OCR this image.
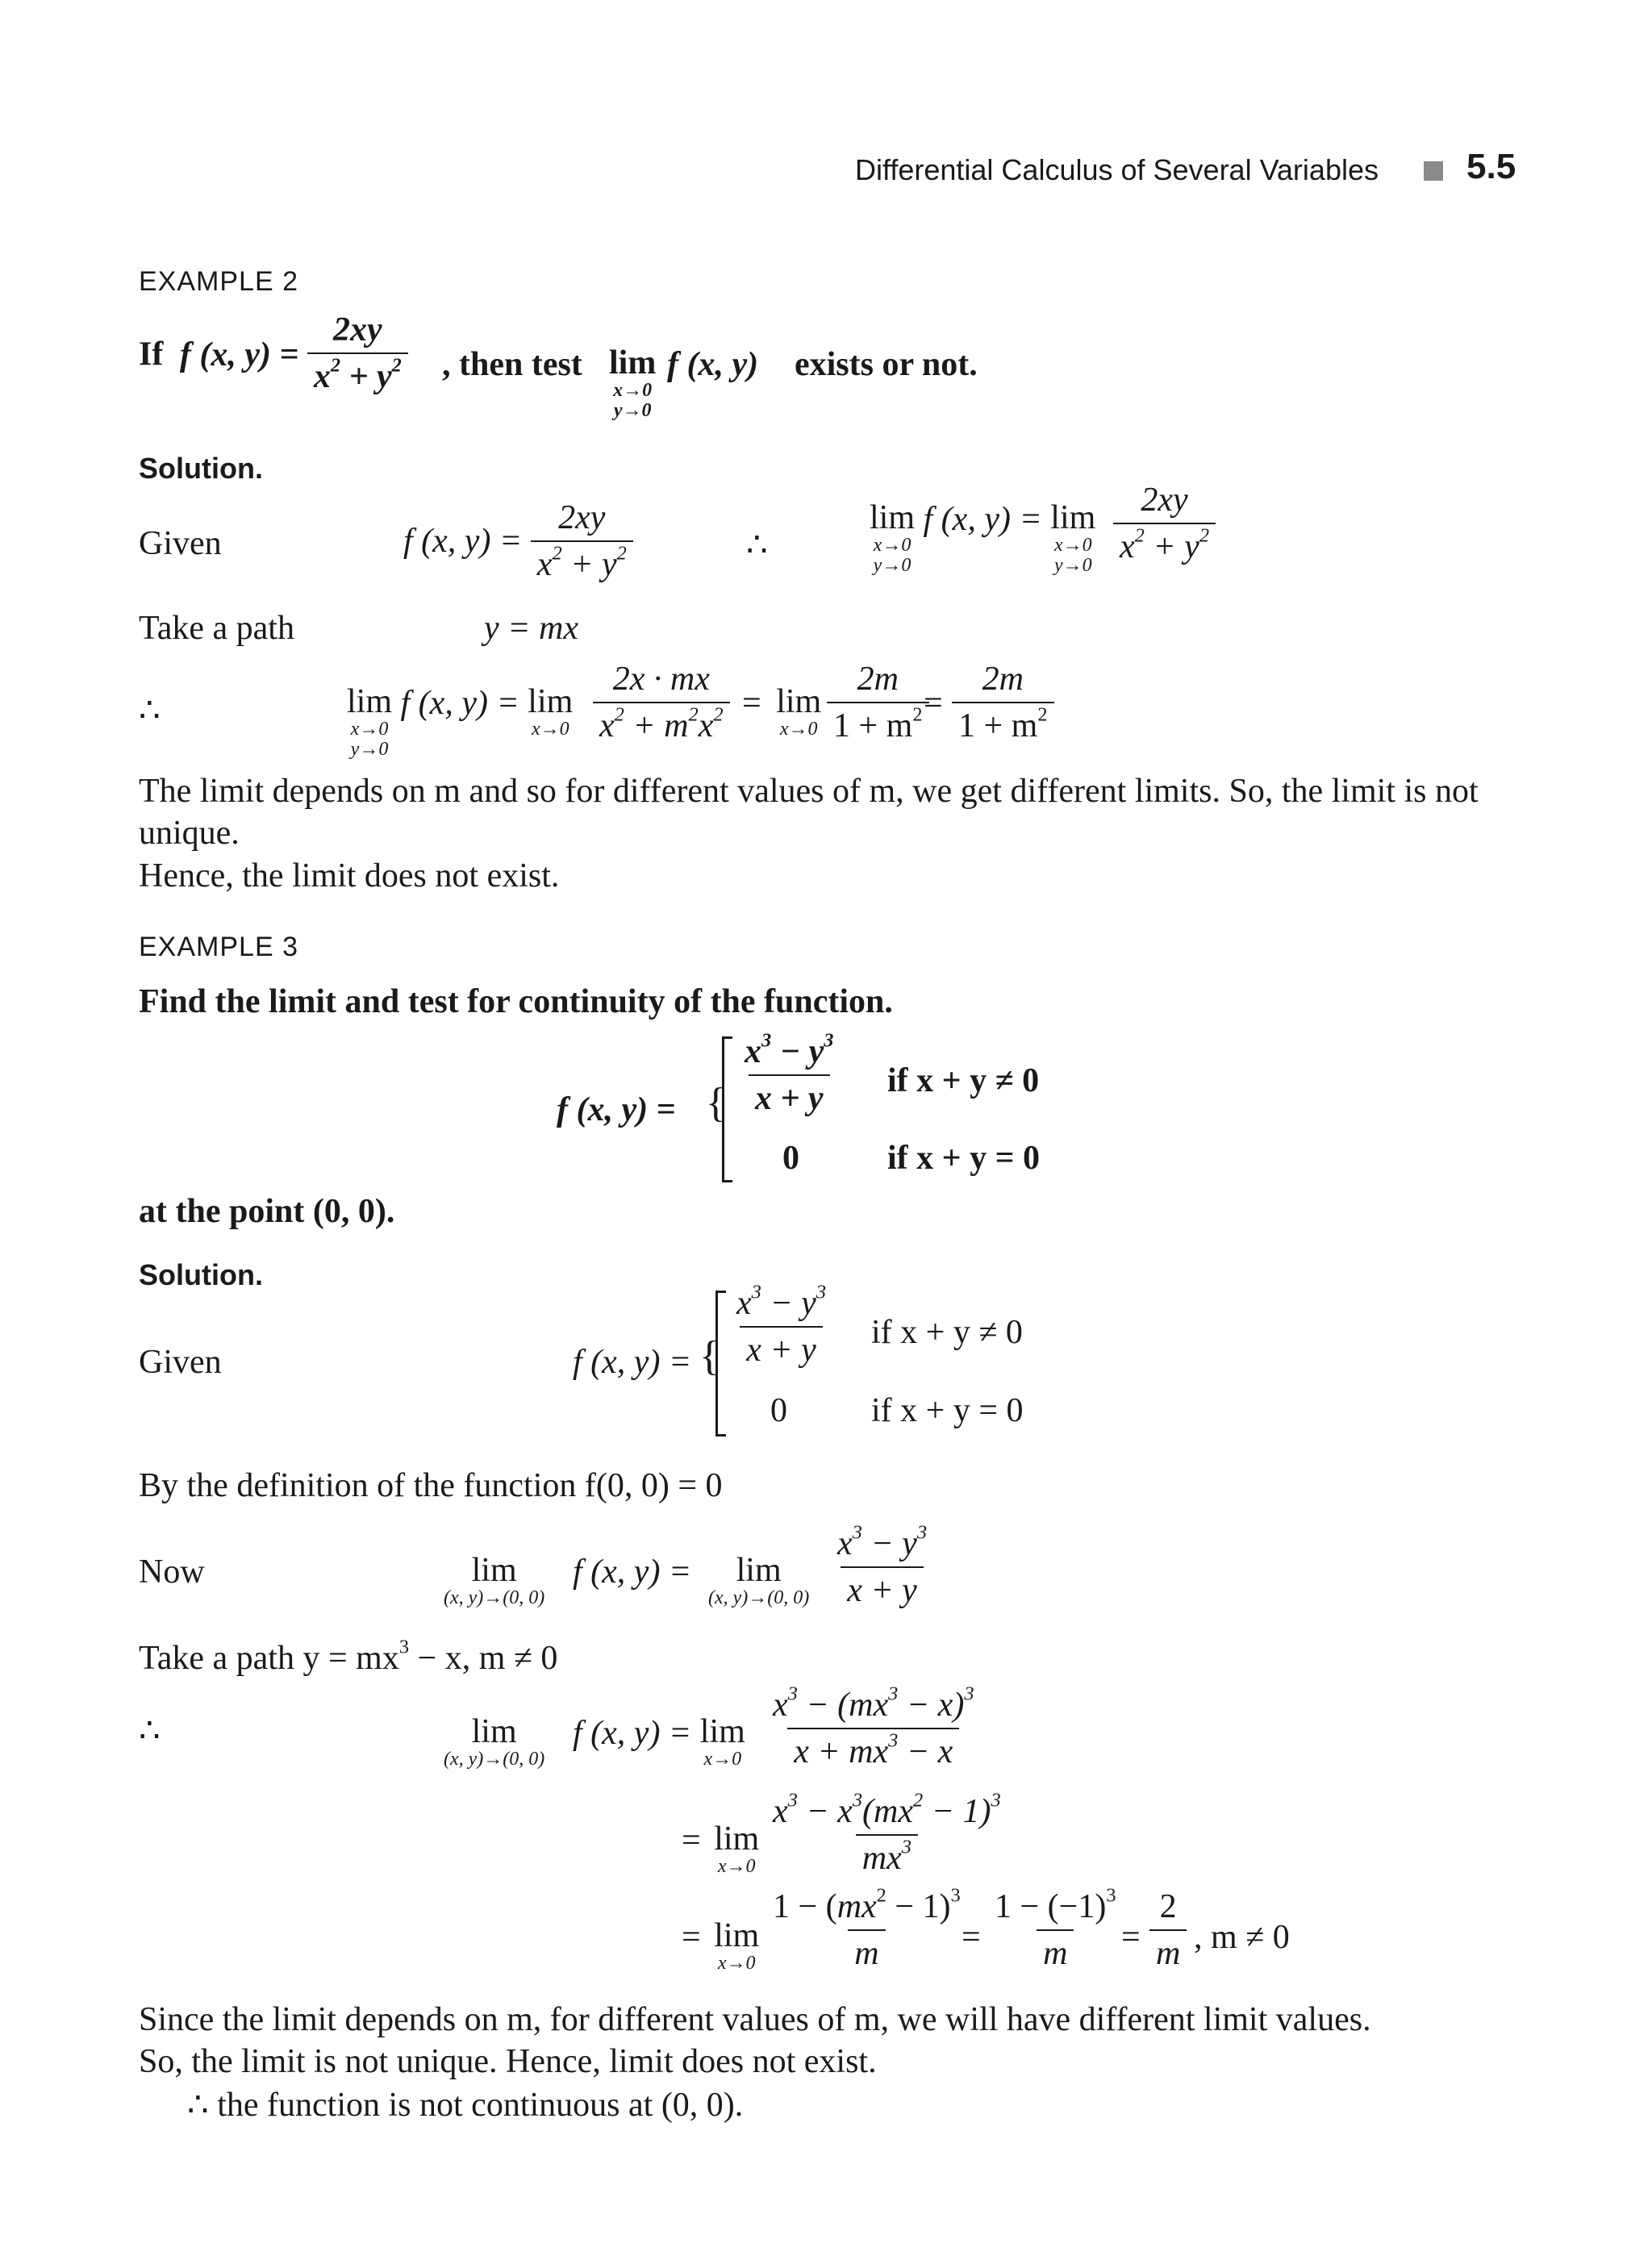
Differential Calculus of Several Variables 5.5
EXAMPLE 2
If f (x, $y) = \frac{2xy}{x^2 + y^2}$ , then test lim
x→0
y→0
f (x, y) exists or not.
Solution.
Given	f (x, $y) = \frac{2xy}{x^2 + y^2}$	∴
lim
x→0
y→0
f (x, y) = lim
x→0
$y\to 0 \frac{2xy}{x^2 + y^2}$
Take a path	y = mx
∴	lim
x→0
y→0
f (x, y) = lim
$x\to 0 \frac{2x \cdot mx}{x^2 + m^2x^2} = \lim$
$x\to 0 \frac{2m}{1 + m^2}$
= $\frac{2m}{1 + m^2}$
The limit depends on m and so for different values of m, we get different limits. So, the limit is not unique.
Hence, the limit does not exist.
EXAMPLE 3
Find the limit and test for continuity of the function.
f (x, y) = { $\frac{x^3 - y^3}{x + y}$ if x + y ≠ 0
0	if x + y = 0
at the point (0, 0).
Solution.
Given	f (x, y) = { $\frac{x^3 - y^3}{x + y}$ if x + y ≠ 0
0 if x + y = 0
By the definition of the function f(0, 0) = 0
Now	lim
(x, y)→(0, 0)
f (x, y) = lim
(x, y)→(0, $0) \frac{x^3 - y^3}{x + y}$
Take a path $y = mx^3 - x$, m ≠ 0
∴	lim
(x, y)→(0, 0)
f (x, y) = lim
$x\to 0 \frac{x^3 - (mx^3 - x)^3}{x + mx^3 - x}$
= lim
$x\to 0 \frac{x^3 - x^3(mx^2 - 1)^3}{mx^3}$
= lim
$x\to 0 \frac{1 - (mx^2 - 1)^3}{m}$
= $\frac{1 - (-1)^3}{m}$
= $\frac{2}{m}$ , m ≠ 0
Since the limit depends on m, for different values of m, we will have different limit values.
So, the limit is not unique. Hence, limit does not exist.
∴ the function is not continuous at (0, 0).
